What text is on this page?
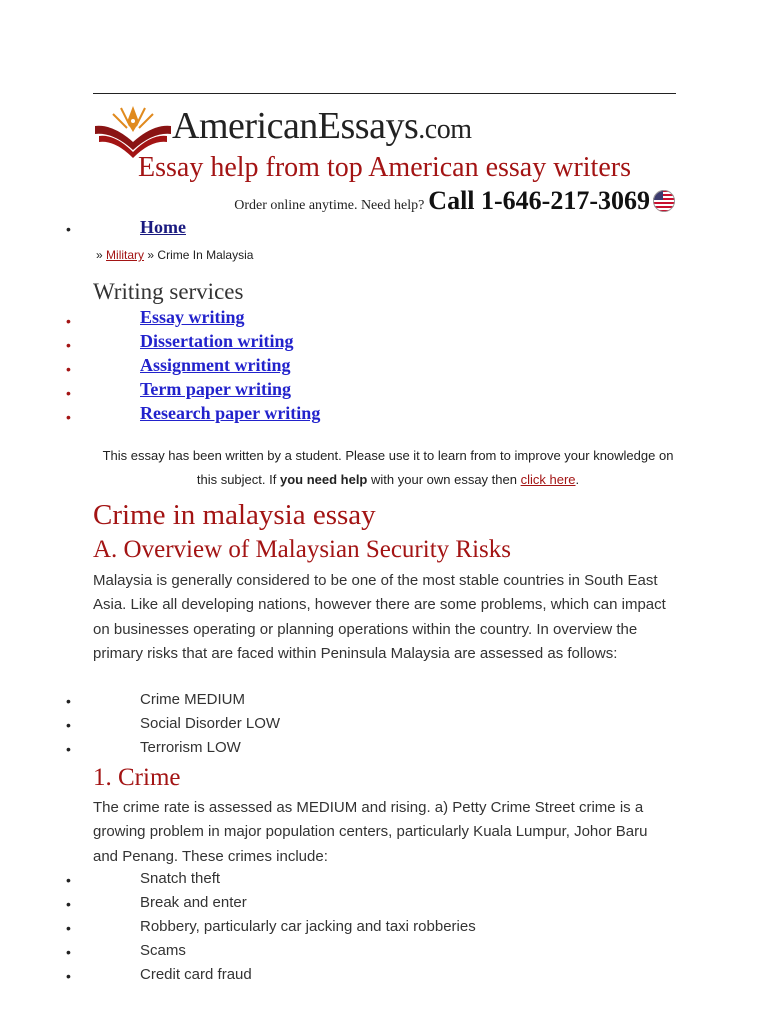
AmericanEssays.com
Essay help from top American essay writers
Order online anytime. Need help? Call 1-646-217-3069
•	Home
» Military » Crime In Malaysia
Writing services
•	Essay writing
•	Dissertation writing
•	Assignment writing
•	Term paper writing
•	Research paper writing
This essay has been written by a student. Please use it to learn from to improve your knowledge on this subject. If you need help with your own essay then click here.
Crime in malaysia essay
A. Overview of Malaysian Security Risks
Malaysia is generally considered to be one of the most stable countries in South East Asia. Like all developing nations, however there are some problems, which can impact on businesses operating or planning operations within the country. In overview the primary risks that are faced within Peninsula Malaysia are assessed as follows:
•	Crime MEDIUM
•	Social Disorder LOW
•	Terrorism LOW
1. Crime
The crime rate is assessed as MEDIUM and rising. a) Petty Crime Street crime is a growing problem in major population centers, particularly Kuala Lumpur, Johor Baru and Penang. These crimes include:
•	Snatch theft
•	Break and enter
•	Robbery, particularly car jacking and taxi robberies
•	Scams
•	Credit card fraud
